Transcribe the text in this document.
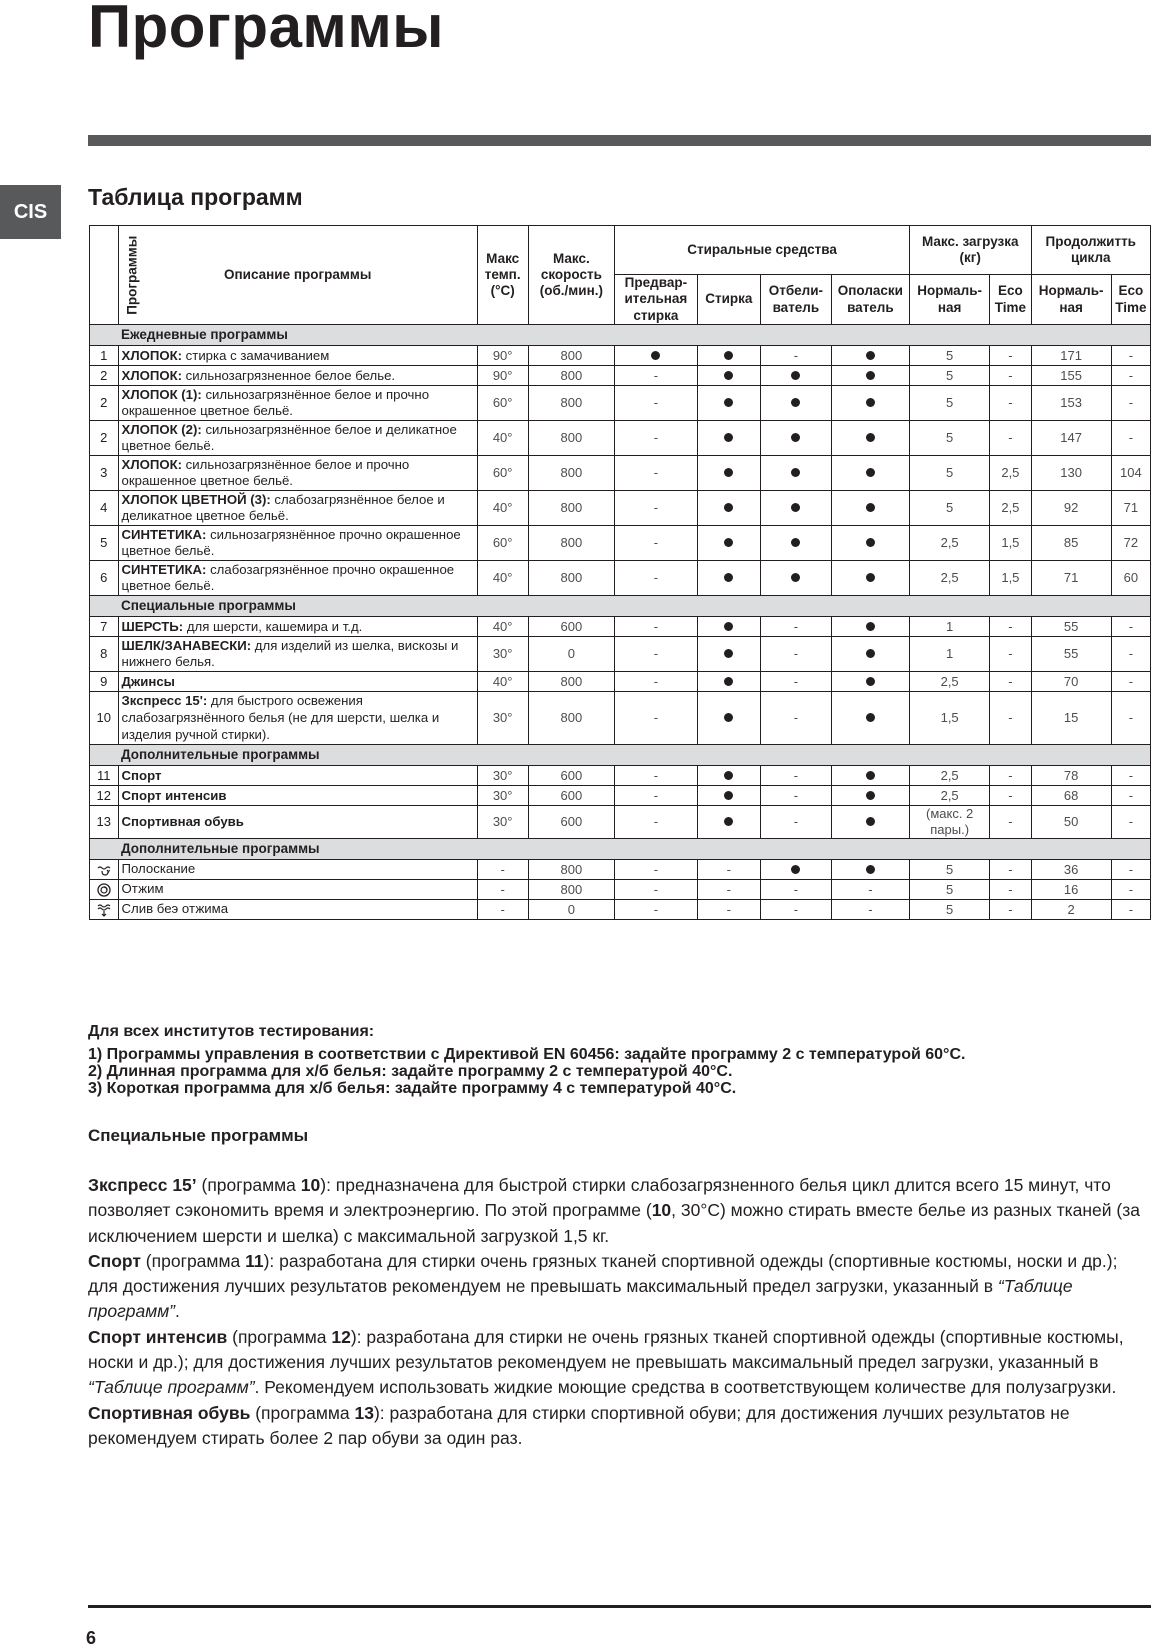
Программы
CIS
Таблица программ
Программы	Описание программы	Макс темп. (°C)	Макс. скорость (об./мин.)	Стиральные средства				Макс. загрузка (кг)		Продолжитть цикла	
				Предвар-ительная стирка	Стирка	Отбели-ватель	Ополаски ватель	Нормаль-ная	Eco Time	Нормаль-ная	Eco Time
Ежедневные программы											
1	ХЛОПОК: стирка с замачиванием	90°	800			-		5	-	171	-
2	ХЛОПОК: сильнозагрязненное белое белье.	90°	800	-				5	-	155	-
2	ХЛОПОК (1): сильнозагрязнённое белое и прочно окрашенное цветное бельё.	60°	800	-				5	-	153	-
2	ХЛОПОК (2): сильнозагрязнённое белое и деликатное цветное бельё.	40°	800	-				5	-	147	-
3	ХЛОПОК: сильнозагрязнённое белое и прочно окрашенное цветное бельё.	60°	800	-				5	2,5	130	104
4	ХЛОПОК ЦВЕТНОЙ (3): слабозагрязнённое белое и деликатное цветное бельё.	40°	800	-				5	2,5	92	71
5	СИНТЕТИКА: сильнозагрязнённое прочно окрашенное цветное бельё.	60°	800	-				2,5	1,5	85	72
6	СИНТЕТИКА: слабозагрязнённое прочно окрашенное цветное бельё.	40°	800	-				2,5	1,5	71	60
Специальные программы											
7	ШЕРСТЬ: для шерсти, кашемира и т.д.	40°	600	-		-		1	-	55	-
8	ШЕЛК/ЗАНАВЕСКИ: для изделий из шелка, вискозы и нижнего белья.	30°	0	-		-		1	-	55	-
9	Джинсы	40°	800	-		-		2,5	-	70	-
10	Зкспресс 15': для быстрого освежения слабозагрязнённого белья (не для шерсти, шелка и изделия ручной стирки).	30°	800	-		-		1,5	-	15	-
Дополнительные программы											
11	Спорт	30°	600	-		-		2,5	-	78	-
12	Спорт интенсив	30°	600	-		-		2,5	-	68	-
13	Спортивная обувь	30°	600	-		-		(макс. 2 пары.)	-	50	-
Дополнительные программы											

	Полоскание	-	800	-	-			5	-	36	-

	Отжим	-	800	-	-	-	-	5	-	16	-

	Слив беэ отжима	-	0	-	-	-	-	5	-	2	-
Для всех институтов тестирования:
1) Программы управления в соответствии с Директивой EN 60456: задайте программу 2 с температурой 60°C.
2) Длинная программа для х/б белья: задайте программу 2 с температурой 40°C.
3) Короткая программа для х/б белья: задайте программу 4 с температурой 40°C.
Специальные программы

Зкспресс 15’ (программа 10): предназначена для быстрой стирки слабозагрязненного белья цикл длится всего 15 минут, что позволяет сэкономить время и электроэнергию. По этой программе (10, 30°C) можно стирать вместе белье из разных тканей (за исключением шерсти и шелка) с максимальной загрузкой 1,5 кг.

Спорт (программа 11): разработана для стирки очень грязных тканей спортивной одежды (спортивные костюмы, носки и др.); для достижения лучших результатов рекомендуем не превышать максимальный предел загрузки, указанный в “Таблице программ”.

Спорт интенсив (программа 12): разработана для стирки не очень грязных тканей спортивной одежды (спортивные костюмы, носки и др.); для достижения лучших результатов рекомендуем не превышать максимальный предел загрузки, указанный в “Таблице программ”. Рекомендуем использовать жидкие моющие средства в соответствующем количестве для полузагрузки.

Спортивная обувь (программа 13): разработана для стирки спортивной обуви; для достижения лучших результатов не рекомендуем стирать более 2 пар обуви за один раз.

6
